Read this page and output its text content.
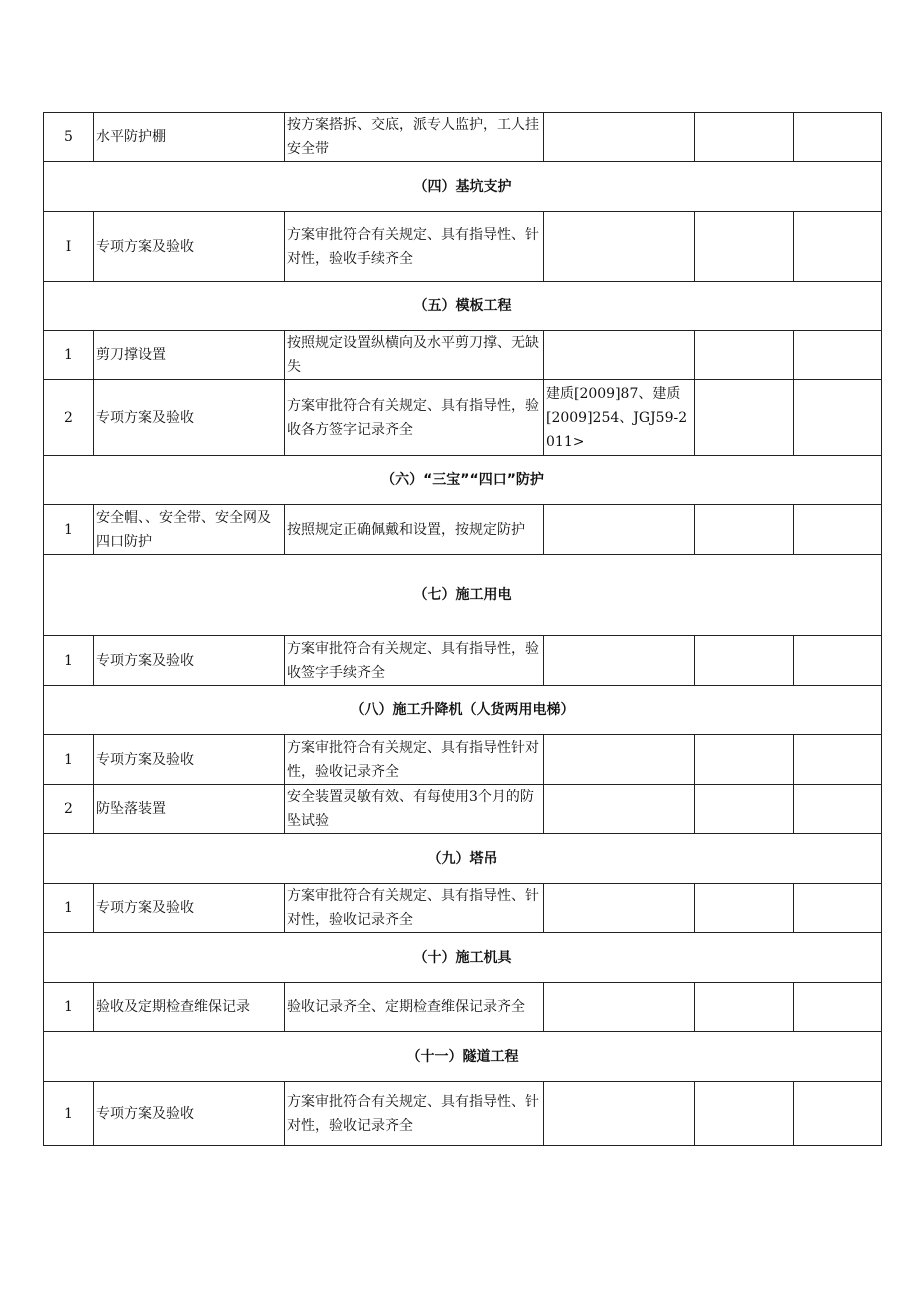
5	水平防护棚	按方案搭拆、交底，派专人监护，工人挂安全带			
（四）基坑支护					
I	专项方案及验收	方案审批符合有关规定、具有指导性、针对性，验收手续齐全			
（五）模板工程					
1	剪刀撑设置	按照规定设置纵横向及水平剪刀撑、无缺失			
2	专项方案及验收	方案审批符合有关规定、具有指导性，验收各方签字记录齐全	建质[2009]87、建质[2009]254、JGJ59-2011>		
（六）“三宝”“四口”防护					
1	安全帽、、安全带、安全网及四口防护	按照规定正确佩戴和设置，按规定防护			
（七）施工用电					
1	专项方案及验收	方案审批符合有关规定、具有指导性，验收签字手续齐全			
（八）施工升降机（人货两用电梯）					
1	专项方案及验收	方案审批符合有关规定、具有指导性针对性，验收记录齐全			
2	防坠落装置	安全装置灵敏有效、有每使用3个月的防坠试验			
（九）塔吊					
1	专项方案及验收	方案审批符合有关规定、具有指导性、针对性，验收记录齐全			
（十）施工机具					
1	验收及定期检查维保记录	验收记录齐全、定期检查维保记录齐全			
（十一）隧道工程					
1	专项方案及验收	方案审批符合有关规定、具有指导性、针对性，验收记录齐全			
